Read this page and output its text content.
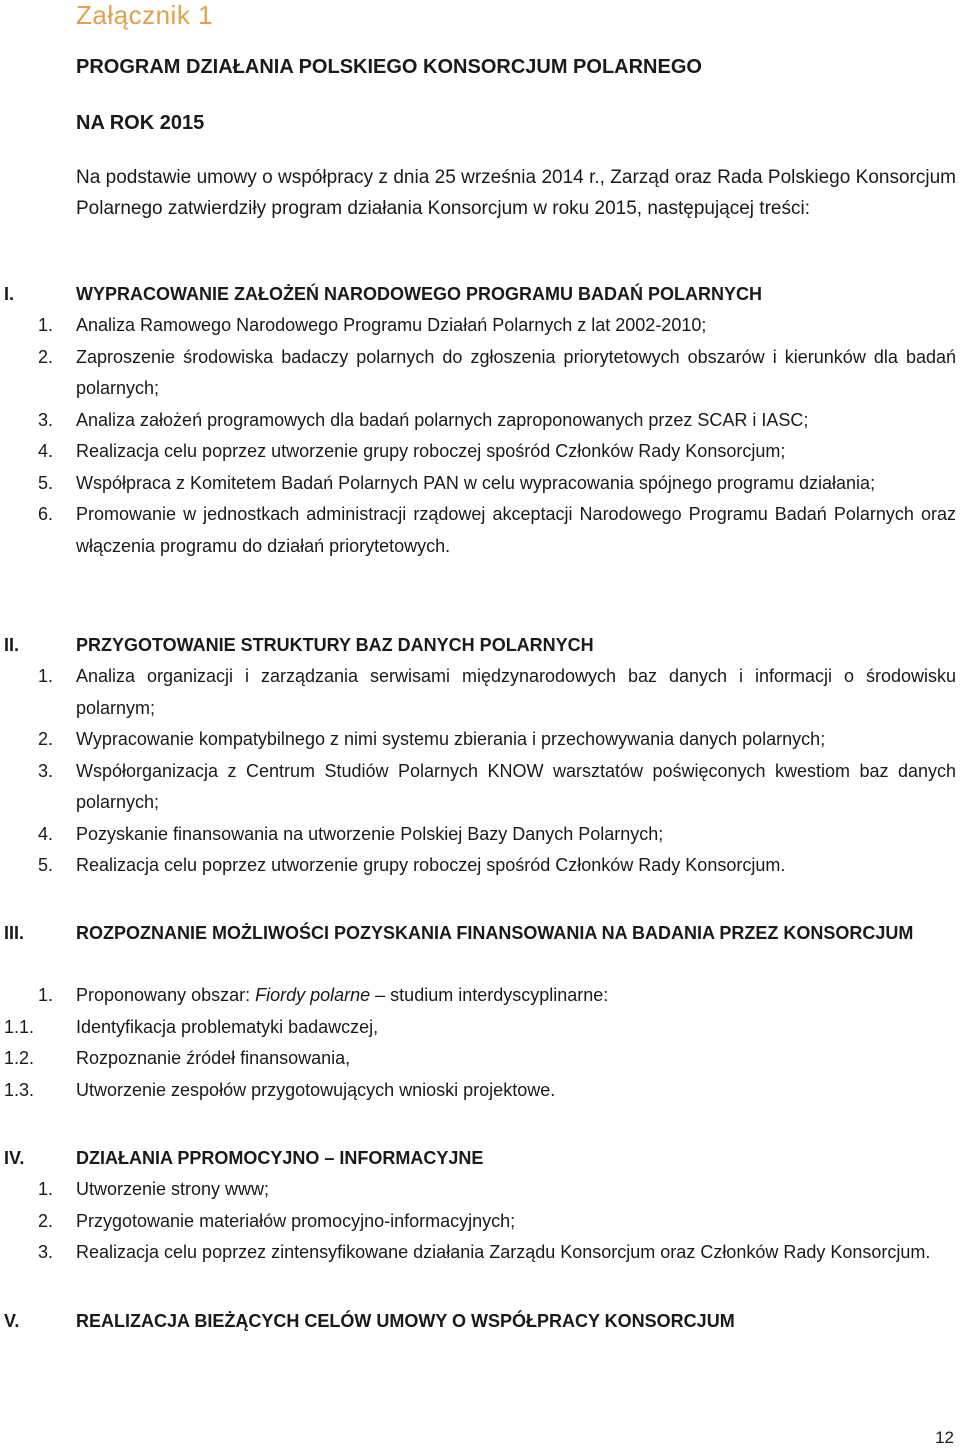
Załącznik 1
PROGRAM DZIAŁANIA POLSKIEGO KONSORCJUM POLARNEGO
NA ROK 2015
Na podstawie umowy o współpracy z dnia 25 września 2014 r., Zarząd oraz Rada Polskiego Konsorcjum Polarnego zatwierdziły program działania Konsorcjum w roku 2015, następującej treści:
I.	WYPRACOWANIE ZAŁOŻEŃ NARODOWEGO PROGRAMU BADAŃ POLARNYCH
1. Analiza Ramowego Narodowego Programu Działań Polarnych z lat 2002-2010;
2. Zaproszenie środowiska badaczy polarnych do zgłoszenia priorytetowych obszarów i kierunków dla badań polarnych;
3. Analiza założeń programowych dla badań polarnych zaproponowanych przez SCAR i IASC;
4. Realizacja celu poprzez utworzenie grupy roboczej spośród Członków Rady Konsorcjum;
5. Współpraca z Komitetem Badań Polarnych PAN w celu wypracowania spójnego programu działania;
6. Promowanie w jednostkach administracji rządowej akceptacji Narodowego Programu Badań Polarnych oraz włączenia programu do działań priorytetowych.
II.	PRZYGOTOWANIE STRUKTURY BAZ DANYCH POLARNYCH
1. Analiza organizacji i zarządzania serwisami międzynarodowych baz danych i informacji o środowisku polarnym;
2. Wypracowanie kompatybilnego z nimi systemu zbierania i przechowywania danych polarnych;
3. Współorganizacja z Centrum Studiów Polarnych KNOW warsztatów poświęconych kwestiom baz danych polarnych;
4. Pozyskanie finansowania na utworzenie Polskiej Bazy Danych Polarnych;
5. Realizacja celu poprzez utworzenie grupy roboczej spośród Członków Rady Konsorcjum.
III.	ROZPOZNANIE MOŻLIWOŚCI POZYSKANIA FINANSOWANIA NA BADANIA PRZEZ KONSORCJUM
1. Proponowany obszar: Fiordy polarne – studium interdyscyplinarne:
1.1. Identyfikacja problematyki badawczej,
1.2. Rozpoznanie źródeł finansowania,
1.3. Utworzenie zespołów przygotowujących wnioski projektowe.
IV.	DZIAŁANIA PPROMOCYJNO – INFORMACYJNE
1. Utworzenie strony www;
2. Przygotowanie materiałów promocyjno-informacyjnych;
3. Realizacja celu poprzez zintensyfikowane działania Zarządu Konsorcjum oraz Członków Rady Konsorcjum.
V.	REALIZACJA BIEŻĄCYCH CELÓW UMOWY O WSPÓŁPRACY KONSORCJUM
12
